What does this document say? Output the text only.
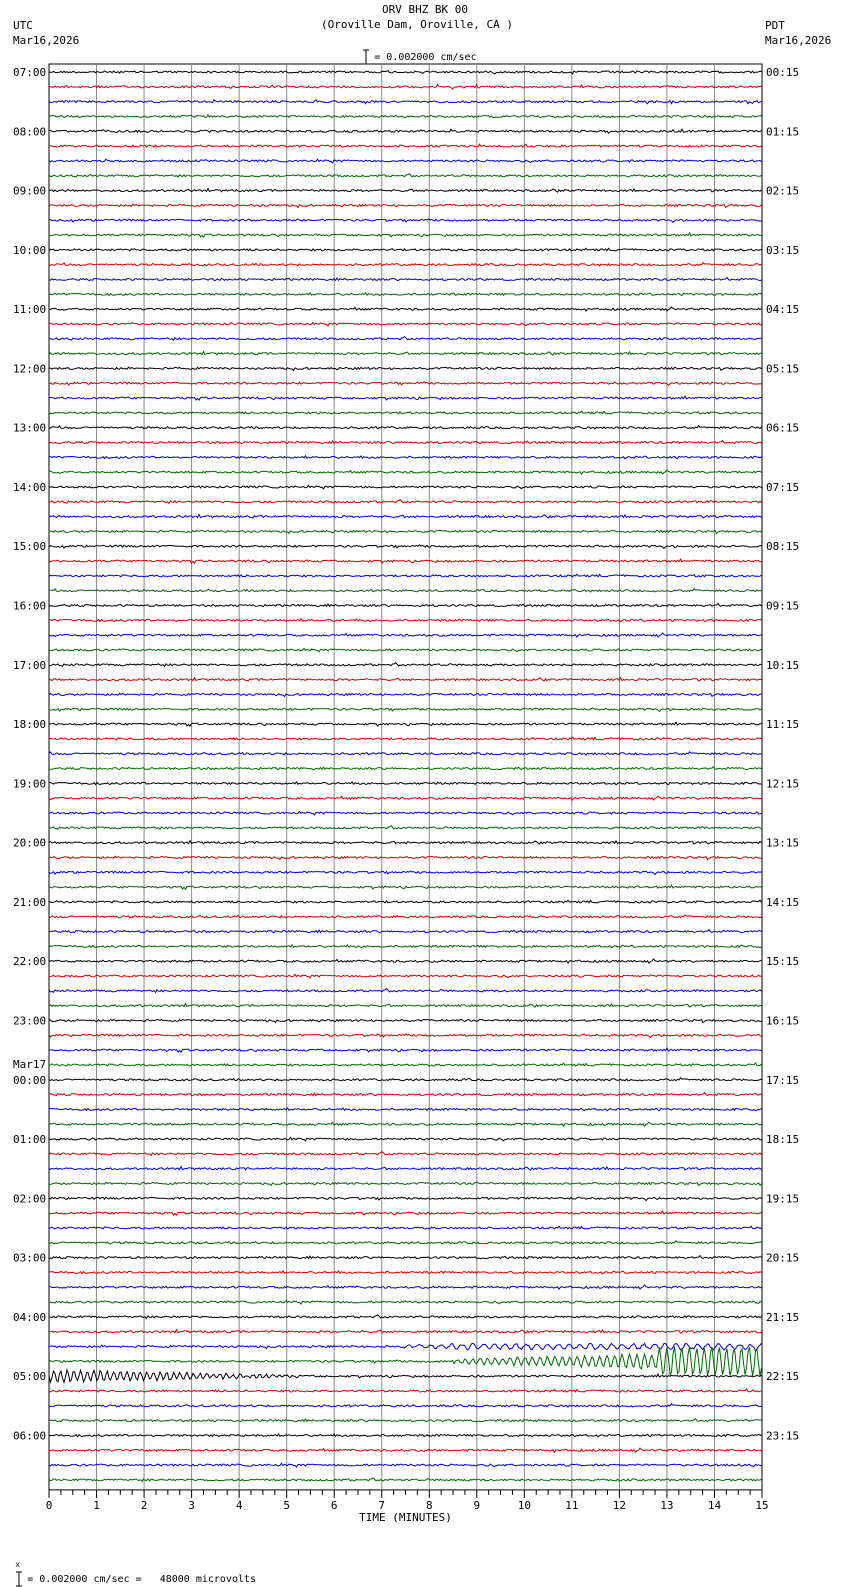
ORV BHZ BK 00
(Oroville Dam, Oroville, CA )

= 0.002000 cm/sec

UTC
Mar16,2026
PDT
Mar16,2026
07:00
08:00
09:00
10:00
11:00
12:00
13:00
14:00
15:00
16:00
17:00
18:00
19:00
20:00
21:00
22:00
23:00
00:00
01:00
02:00
03:00
04:00
05:00
06:00
00:15
01:15
02:15
03:15
04:15
05:15
06:15
07:15
08:15
09:15
10:15
11:15
12:15
13:15
14:15
15:15
16:15
17:15
18:15
19:15
20:15
21:15
22:15
23:15
Mar17
0	1	2	3	4	5	6	7	8	9	10	11	12	13	14	15
TIME (MINUTES)

x
= 0.002000 cm/sec =   48000 microvolts
